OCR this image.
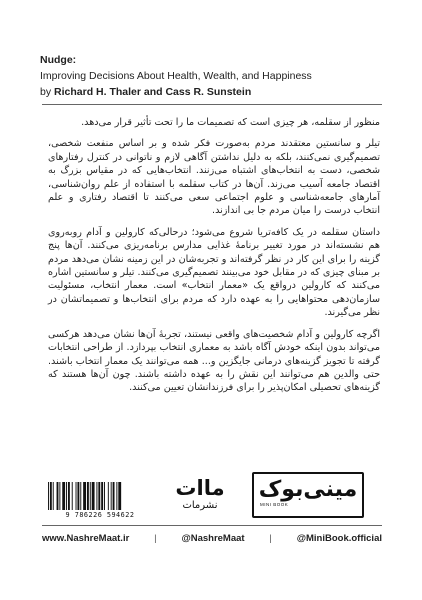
Nudge:
Improving Decisions About Health, Wealth, and Happiness
by Richard H. Thaler and Cass R. Sunstein

منظور از سقلمه، هر چیزی است که تصمیمات ما را تحت تأثیر قرار می‌دهد.

تیلر و سانستین معتقدند مردم به‌صورت فکر شده و بر اساس منفعت شخصی، تصمیم‌گیری نمی‌کنند، بلکه به دلیل نداشتن آگاهی لازم و ناتوانی در کنترل رفتارهای شخصی، دست به انتخاب‌های اشتباه می‌زنند. انتخاب‌هایی که در مقیاس بزرگ به اقتصاد جامعه آسیب می‌زند. آن‌ها در کتاب سقلمه با استفاده از علم روان‌شناسی، آمارهای جامعه‌شناسی و علوم اجتماعی سعی می‌کنند تا اقتصاد رفتاری و علم انتخاب درست را میان مردم جا بی اندازند.

داستان سقلمه در یک کافه‌تریا شروع می‌شود؛ درحالی‌که کارولین و آدام روبه‌روی هم نشسته‌اند در مورد تغییر برنامهٔ غذایی مدارس برنامه‌ریزی می‌کنند. آن‌ها پنج گزینه را برای این کار در نظر گرفته‌اند و تجربه‌شان در این زمینه نشان می‌دهد مردم بر مبنای چیزی که در مقابل خود می‌بینند تصمیم‌گیری می‌کنند. تیلر و سانستین اشاره می‌کنند که کارولین درواقع یک «معمار انتخاب» است. معمار انتخاب، مسئولیت سازمان‌دهی محتواهایی را به عهده دارد که مردم برای انتخاب‌ها و تصمیماتشان در نظر می‌گیرند.

اگرچه کارولین و آدام شخصیت‌های واقعی نیستند، تجربهٔ آن‌ها نشان می‌دهد هرکسی می‌تواند بدون اینکه خودش آگاه باشد به معماری انتخاب بپردازد. از طراحی انتخابات گرفته تا تجویز گزینه‌های درمانی جایگزین و... همه می‌توانند یک معمار انتخاب باشند. حتی والدین هم می‌توانند این نقش را به عهده داشته باشند. چون آن‌ها هستند که گزینه‌های تحصیلی امکان‌پذیر را برای فرزندانشان تعیین می‌کنند.

9 786226 594622
ماات
نشرمات
مینی‌بوک
MINI BOOK
www.NashreMaat.ir	|	@NashreMaat	|	@MiniBook.official
